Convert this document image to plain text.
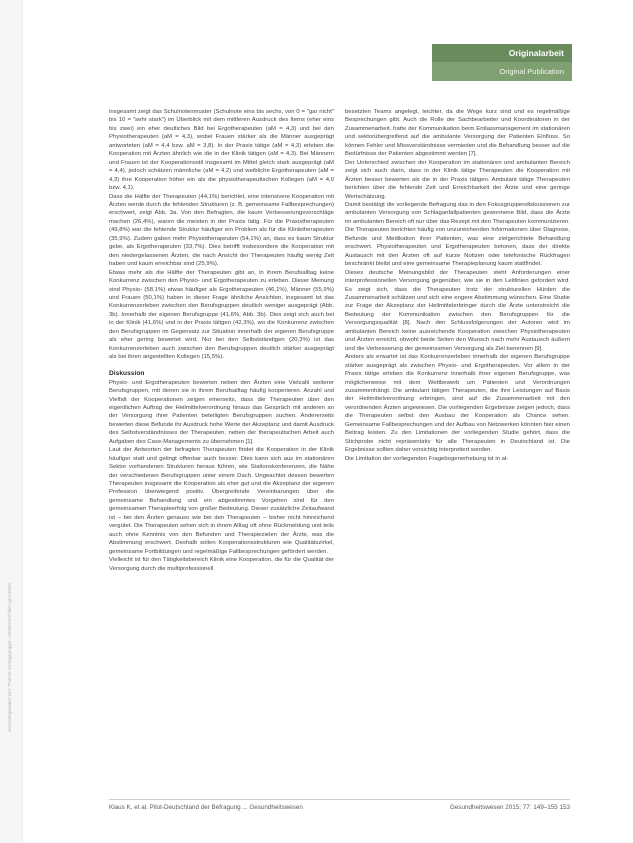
Heruntergeladen von: Thieme Verlagsgruppe. Urheberrechtlich geschützt.
Originalarbeit
Original Publication

insgesamt zeigt das Schulnotenmuster (Schulnote eins bis sechs, von 0 = "gar nicht" bis 10 = "sehr stark") im Überblick mit dem mittleren Ausdruck des Items (eher eins bis zwei) ein eher deutliches Bild bei Ergotherapeuten (aM = 4,3) und bei den Physiotherapeuten (aM = 4,3), wobei Frauen stärker als die Männer ausgeprägt antworteten (aM = 4,4 bzw. aM = 3,8). In der Praxis tätige (aM = 4,3) erleben die Kooperation mit Ärzten ähnlich wie die in der Klinik tätigen (aM = 4,3). Bei Männern und Frauen ist der Kooperationsstil insgesamt im Mittel gleich stark ausgeprägt (aM = 4,4), jedoch schätzen männliche (aM = 4,2) und weibliche Ergotherapeuten (aM = 4,3) ihre Kooperation höher ein als die physiotherapeutischen Kollegen (aM = 4,0 bzw. 4,1).

Dass die Hälfte der Therapeuten (44,1%) berichtet, eine intensivere Kooperation mit Ärzten werde durch die fehlenden Strukturen (z. B. gemeinsame Fallbesprechungen) erschwert, zeigt Abb. 3a. Von den Befragten, die kaum Verbesserungsvorschläge machen (26,4%), waren die meisten in der Praxis tätig. Für die Praxistherapeuten (49,8%) war die fehlende Struktur häufiger ein Problem als für die Kliniktherapeuten (35,9%). Zudem gaben mehr Physiotherapeuten (54,1%) an, dass es kaum Struktur gebe, als Ergotherapeuten (33,7%). Dies betrifft insbesondere die Kooperation mit den niedergelassenen Ärzten, die nach Ansicht der Therapeuten häufig wenig Zeit haben und kaum erreichbar sind (25,9%).

Etwas mehr als die Hälfte der Therapeuten gibt an, in ihrem Berufsalltag keine Konkurrenz zwischen den Physio- und Ergotherapeuten zu erleben. Dieser Meinung sind Physio- (58,1%) etwas häufiger als Ergotherapeuten (46,1%), Männer (55,9%) und Frauen (50,1%) haben in dieser Frage ähnliche Ansichten, insgesamt ist das Konkurrenzerleben zwischen den Berufsgruppen deutlich weniger ausgeprägt (Abb. 3b). Innerhalb der eigenen Berufsgruppe (41,6%, Abb. 3b). Dies zeigt sich auch bei in der Klinik (41,6%) und in der Praxis tätigen (42,3%), wo die Konkurrenz zwischen den Berufsgruppen im Gegensatz zur Situation innerhalb der eigenen Berufsgruppe als eher gering bewertet wird. Nur bei den Selbstständigen (20,3%) ist das Konkurrenzerleben auch zwischen den Berufsgruppen deutlich stärker ausgeprägt als bei ihren angestellten Kollegen (15,5%).

Diskussion

Physio- und Ergotherapeuten bewerten neben den Ärzten eine Vielzahl weiterer Berufsgruppen, mit denen sie in ihrem Berufsalltag häufig kooperieren. Anzahl und Vielfalt der Kooperationen zeigen einerseits, dass die Therapeuten über den eigentlichen Auftrag der Heilmittelverordnung hinaus das Gespräch mit anderen an der Versorgung ihrer Patienten beteiligten Berufsgruppen suchen. Andererseits bewerten diese Befunde ihr Ausdruck hohe Werte der Akzeptanz und damit Ausdruck des Selbstverständnisses der Therapeuten, neben der therapeutischen Arbeit auch Aufgaben des Case-Managements zu übernehmen [1].

Laut der Antworten der befragten Therapeuten findet die Kooperation in der Klinik häufiger statt und gelingt offenbar auch besser. Dies kann sich aus im stationären Sektor vorhandenen Strukturen heraus führen, wie Stationskonferenzen, die Nähe der verschiedenen Berufsgruppen unter einem Dach. Ungeachtet dessen bewerten Therapeuten insgesamt die Kooperation als eher gut und die Akzeptanz der eigenen Profession überwiegend positiv. Übergreifende Vereinbarungen über die gemeinsame Behandlung und ein abgestimmtes Vorgehen sind für den gemeinsamen Therapieerfolg von großer Bedeutung. Dieser zusätzliche Zeitaufwand ist – bei den Ärzten genauso wie bei den Therapeuten – bisher nicht hinreichend vergütet. Die Therapeuten sehen sich in ihrem Alltag oft ohne Rückmeldung und teils auch ohne Kenntnis von den Befunden und Therapiezielen der Ärzte, was die Abstimmung erschwert. Deshalb sollen Kooperationsstrukturen wie Qualitätszirkel, gemeinsame Fortbildungen und regelmäßige Fallbesprechungen gefördert werden.

Vielleicht ist für den Tätigkeitsbereich Klinik eine Kooperation, die für die Qualität der Versorgung durch die multiprofessionell

besetzten Teams angelegt, leichter, da die Wege kurz sind und es regelmäßige Besprechungen gibt. Auch die Rolle der Sachbearbeiter und Koordinatoren in der Zusammenarbeit, hatte der Kommunikation beim Entlassmanagement im stationären und sektorübergreifend auf die ambulante Versorgung der Patienten Einfluss. So können Fehler und Missverständnisse vermieden und die Behandlung besser auf die Bedürfnisse der Patienten abgestimmt werden [7].

Der Unterschied zwischen der Kooperation im stationären und ambulanten Bereich zeigt sich auch darin, dass in der Klinik tätige Therapeuten die Kooperation mit Ärzten besser bewerten als die in der Praxis tätigen. Ambulant tätige Therapeuten berichten über die fehlende Zeit und Erreichbarkeit der Ärzte und eine geringe Wertschätzung.

Damit bestätigt die vorliegende Befragung das in den Fokusgruppendiskussionen zur ambulanten Versorgung von Schlaganfallpatienten gewonnene Bild, dass die Ärzte im ambulanten Bereich oft nur über das Rezept mit den Therapeuten kommunizieren. Die Therapeuten berichten häufig von unzureichenden Informationen über Diagnose, Befunde und Medikation ihrer Patienten, was eine zielgerichtete Behandlung erschwert. Physiotherapeuten und Ergotherapeuten betonen, dass der direkte Austausch mit den Ärzten oft auf kurze Notizen oder telefonische Rückfragen beschränkt bleibt und eine gemeinsame Therapieplanung kaum stattfindet.

Dieses deutsche Meinungsbild der Therapeuten steht Anforderungen einer interprofessionellen Versorgung gegenüber, wie sie in den Leitlinien gefordert wird. Es zeigt sich, dass die Therapeuten trotz der strukturellen Hürden die Zusammenarbeit schätzen und sich eine engere Abstimmung wünschen. Eine Studie zur Frage der Akzeptanz der Heilmittelerbringer durch die Ärzte unterstreicht die Bedeutung der Kommunikation zwischen den Berufsgruppen für die Versorgungsqualität [8]. Nach den Schlussfolgerungen der Autoren wird im ambulanten Bereich keine ausreichende Kooperation zwischen Physiotherapeuten und Ärzten erreicht, obwohl beide Seiten den Wunsch nach mehr Austausch äußern und die Verbesserung der gemeinsamen Versorgung als Ziel benennen [9].

Anders als erwartet ist das Konkurrenzerleben innerhalb der eigenen Berufsgruppe stärker ausgeprägt als zwischen Physio- und Ergotherapeuten. Vor allem in der Praxis tätige erleben die Konkurrenz innerhalb ihrer eigenen Berufsgruppe, was möglicherweise mit dem Wettbewerb um Patienten und Verordnungen zusammenhängt. Die ambulant tätigen Therapeuten, die ihre Leistungen auf Basis der Heilmittelverordnung erbringen, sind auf die Zusammenarbeit mit den verordnenden Ärzten angewiesen. Die vorliegenden Ergebnisse zeigen jedoch, dass die Therapeuten selbst den Ausbau der Kooperation als Chance sehen. Gemeinsame Fallbesprechungen und der Aufbau von Netzwerken könnten hier einen Beitrag leisten. Zu den Limitationen der vorliegenden Studie gehört, dass die Stichprobe nicht repräsentativ für alle Therapeuten in Deutschland ist. Die Ergebnisse sollten daher vorsichtig interpretiert werden.

Die Limitation der vorliegenden Fragebogenerhebung ist in al-

Klaus K, et al. Pilot-Deutschland der Befragung ... Gesundheitswesen	Gesundheitswesen 2015; 77: 149–155 153
